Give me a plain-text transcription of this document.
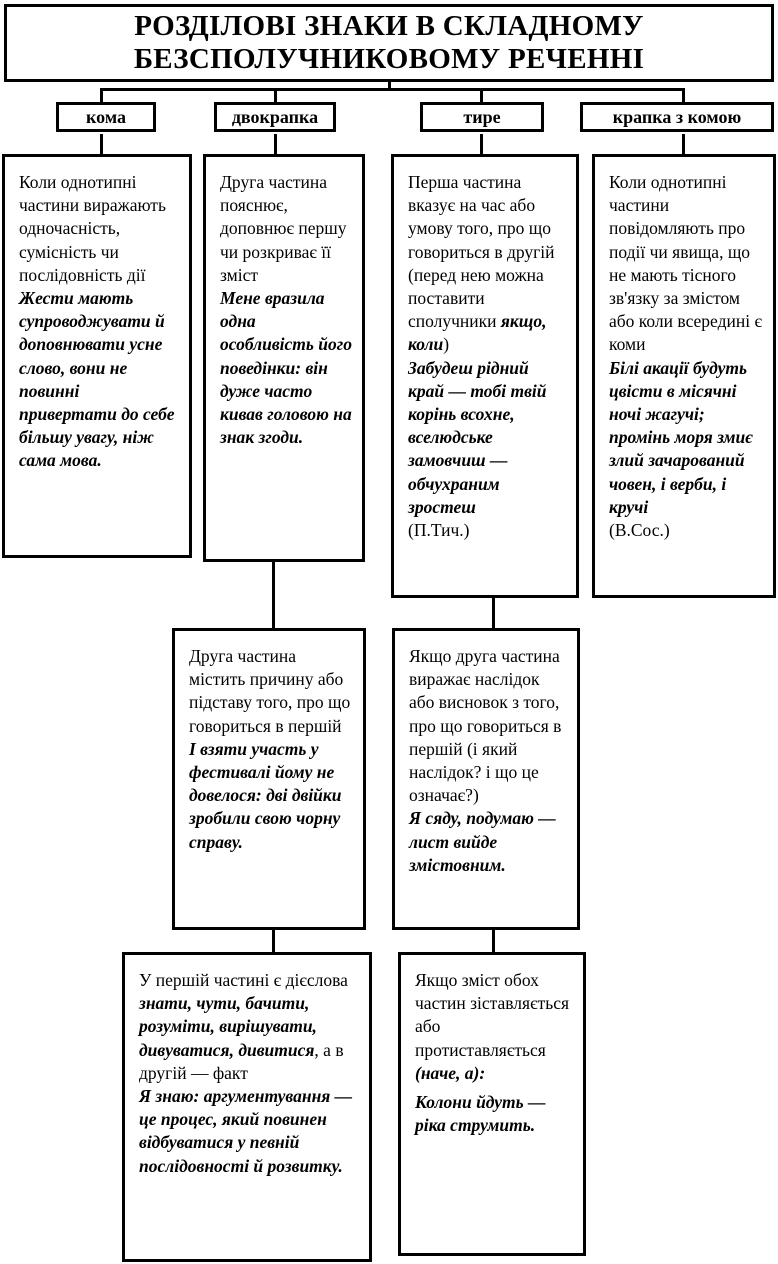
РОЗДІЛОВІ ЗНАКИ В СКЛАДНОМУ
БЕЗСПОЛУЧНИКОВОМУ РЕЧЕННІ
кома	двокрапка	тире	крапка з комою
Коли однотипні частини виражають одночасність, сумісність чи послідовність дії
Жести мають супроводжувати й доповнювати усне слово, вони не повинні привертати до себе більшу увагу, ніж сама мова.
Друга частина пояснює, доповнює першу чи розкриває її зміст
Мене вразила одна особливість його поведінки: він дуже часто кивав головою на знак згоди.
Перша частина вказує на час або умову того, про що говориться в другій (перед нею можна поставити сполучники якщо, коли)
Забудеш рідний край — тобі твій корінь всохне, вселюдське замовчиш — обчухраним зростеш
(П.Тич.)
Коли однотипні частини повідомляють про події чи явища, що не мають тісного зв'язку за змістом або коли всередині є коми
Білі акації будуть цвісти в місячні ночі жагучі; промінь моря змиє злий зачарований човен, і верби, і кручі
(В.Сос.)
Друга частина містить причину або підставу того, про що говориться в першій
І взяти участь у фестивалі йому не довелося: дві двійки зробили свою чорну справу.
Якщо друга частина виражає наслідок або висновок з того, про що говориться в першій (і який наслідок? і що це означає?)
Я сяду, подумаю — лист вийде змістовним.
У першій частині є дієслова знати, чути, бачити, розуміти, вирішувати, дивуватися, дивитися, а в другій — факт
Я знаю: аргументування — це процес, який повинен відбуватися у певній послідовності й розвитку.
Якщо зміст обох частин зіставляється або протиставляється
(наче, а):
Колони йдуть — ріка струмить.
